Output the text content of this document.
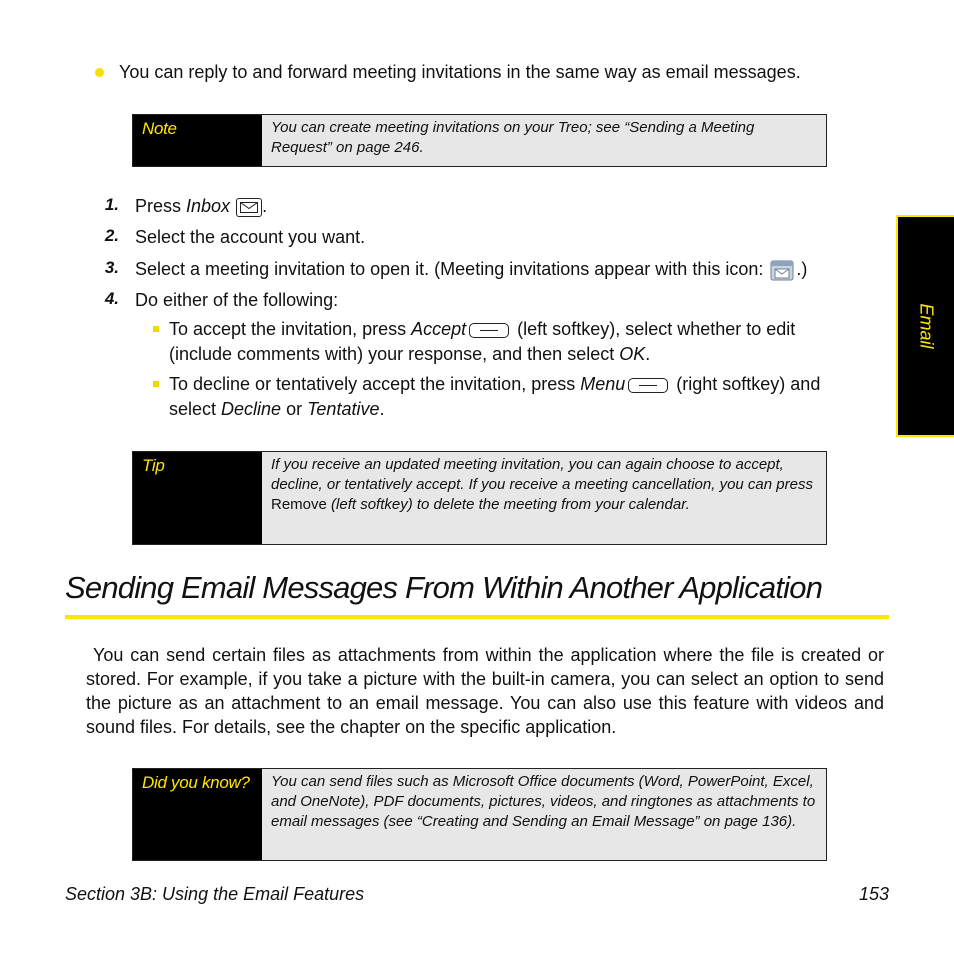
You can reply to and forward meeting invitations in the same way as email messages.
Note	You can create meeting invitations on your Treo; see “Sending a Meeting Request” on page 246.
1. Press Inbox .
2. Select the account you want.
3. Select a meeting invitation to open it. (Meeting invitations appear with this icon: .)
4. Do either of the following:
To accept the invitation, press Accept	(left softkey), select whether to edit
(include comments with) your response, and then select OK.
To decline or tentatively accept the invitation, press Menu	(right softkey) and
select Decline or Tentative.
Tip	If you receive an updated meeting invitation, you can again choose to accept, decline, or tentatively accept. If you receive a meeting cancellation, you can press Remove (left softkey) to delete the meeting from your calendar.
Sending Email Messages From Within Another Application
You can send certain files as attachments from within the application where the file is created or stored. For example, if you take a picture with the built-in camera, you can select an option to send the picture as an attachment to an email message. You can also use this feature with videos and sound files. For details, see the chapter on the specific application.
Did you know?	You can send files such as Microsoft Office documents (Word, PowerPoint, Excel, and OneNote), PDF documents, pictures, videos, and ringtones as attachments to email messages (see “Creating and Sending an Email Message” on page 136).
Email
Section 3B: Using the Email Features	153
